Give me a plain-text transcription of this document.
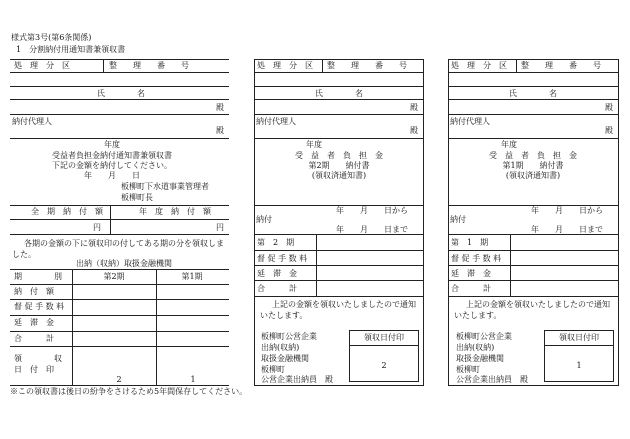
様式第3号(第6条関係)
1　分割納付用通知書兼領収書
処　理　分　区	整　　理　　番　　号
氏　　　　名
殿
納付代理人
殿
年度
受益者負担金納付通知書兼領収書
下記の金額を納付してください。
年　　月　　日
板柳町下水道事業管理者
板柳町長
全　期　納　付　額	年　度　納　付　額
円	円
各期の金額の下に領収印の付してある期の分を領収しました。
出納（収納）取扱金融機関
期　　　　別	第2期	第1期
納　付　額
督 促 手 数 料
延　滞　金
合　　　計
領　　　　収
日　付　印
2	1
処　理　分　区 整　　理　　番　　号
氏　　　　名
殿
納付代理人
殿
年度
受　益　者　負　担　金
第2期　　納付書
(領収済通知書)
年　　月　　日から
納付
年　　月　　日まで
第　2　期
督 促 手 数 料
延　滞　金
合　　　計
上記の金額を領収いたしましたので通知いたします。
板柳町公営企業
出納(収納)
取扱金融機関
板柳町
公営企業出納員　殿
領収日付印
2
処　理　分　区 整　　理　　番　　号
氏　　　　名
殿
納付代理人
殿
年度
受　益　者　負　担　金
第1期　　納付書
(領収済通知書)
年　　月　　日から
納付
年　　月　　日まで
第　1　期
督 促 手 数 料
延　滞　金
合　　　計
上記の金額を領収いたしましたので通知いたします。
板柳町公営企業
出納(収納)
取扱金融機関
板柳町
公営企業出納員　殿
領収日付印
1
※この領収書は後日の紛争をさけるため5年間保存してください。
